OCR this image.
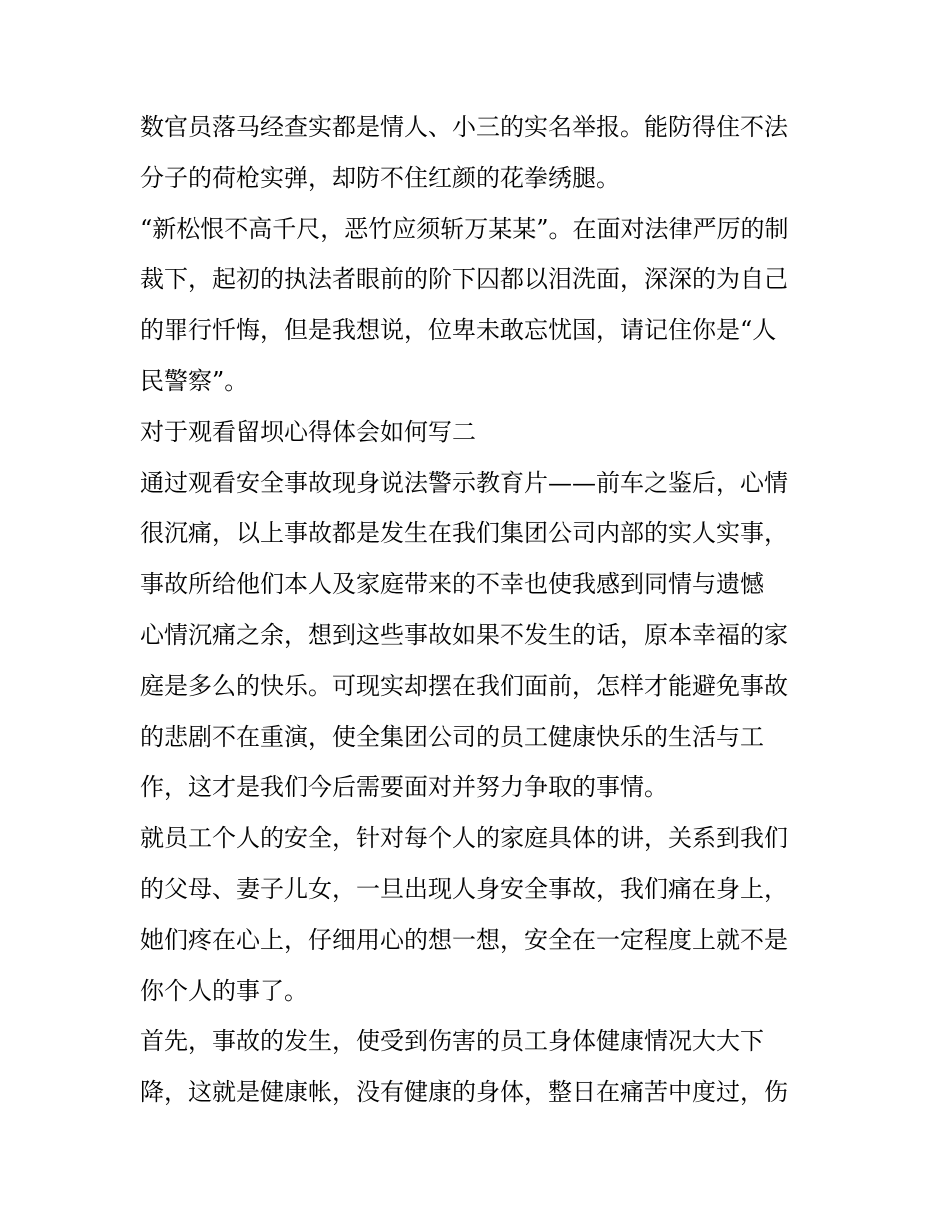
数官员落马经查实都是情人、小三的实名举报。能防得住不法
分子的荷枪实弹，却防不住红颜的花拳绣腿。
“新松恨不高千尺，恶竹应须斩万某某”。在面对法律严厉的制
裁下，起初的执法者眼前的阶下囚都以泪洗面，深深的为自己
的罪行忏悔，但是我想说，位卑未敢忘忧国，请记住你是“人
民警察”。
对于观看留坝心得体会如何写二
通过观看安全事故现身说法警示教育片——前车之鉴后，心情
很沉痛，以上事故都是发生在我们集团公司内部的实人实事，
事故所给他们本人及家庭带来的不幸也使我感到同情与遗憾
心情沉痛之余，想到这些事故如果不发生的话，原本幸福的家
庭是多么的快乐。可现实却摆在我们面前，怎样才能避免事故
的悲剧不在重演，使全集团公司的员工健康快乐的生活与工
作，这才是我们今后需要面对并努力争取的事情。
就员工个人的安全，针对每个人的家庭具体的讲，关系到我们
的父母、妻子儿女，一旦出现人身安全事故，我们痛在身上，
她们疼在心上，仔细用心的想一想，安全在一定程度上就不是
你个人的事了。
首先，事故的发生，使受到伤害的员工身体健康情况大大下
降，这就是健康帐，没有健康的身体，整日在痛苦中度过，伤
